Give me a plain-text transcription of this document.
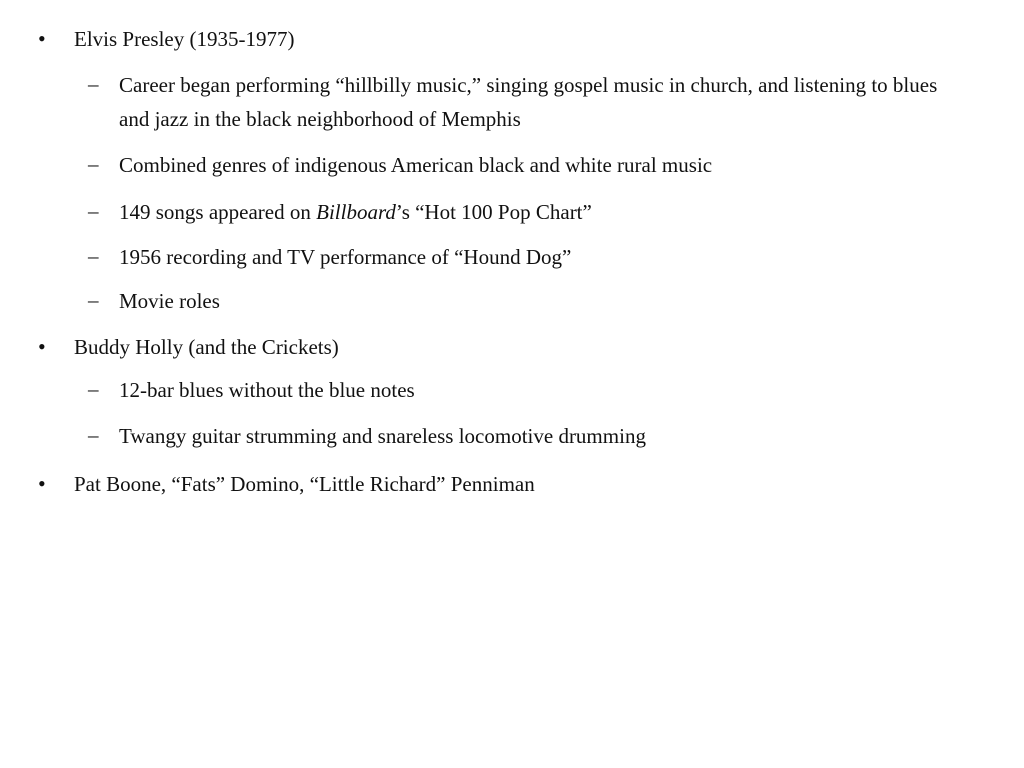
•	Elvis Presley (1935-1977)
– Career began performing “hillbilly music,” singing gospel music in church, and listening to blues and jazz in the black neighborhood of Memphis
– Combined genres of indigenous American black and white rural music
– 149 songs appeared on Billboard’s “Hot 100 Pop Chart”
– 1956 recording and TV performance of “Hound Dog”
– Movie roles
•	Buddy Holly (and the Crickets)
– 12-bar blues without the blue notes
– Twangy guitar strumming and snareless locomotive drumming
•	Pat Boone, “Fats” Domino, “Little Richard” Penniman
